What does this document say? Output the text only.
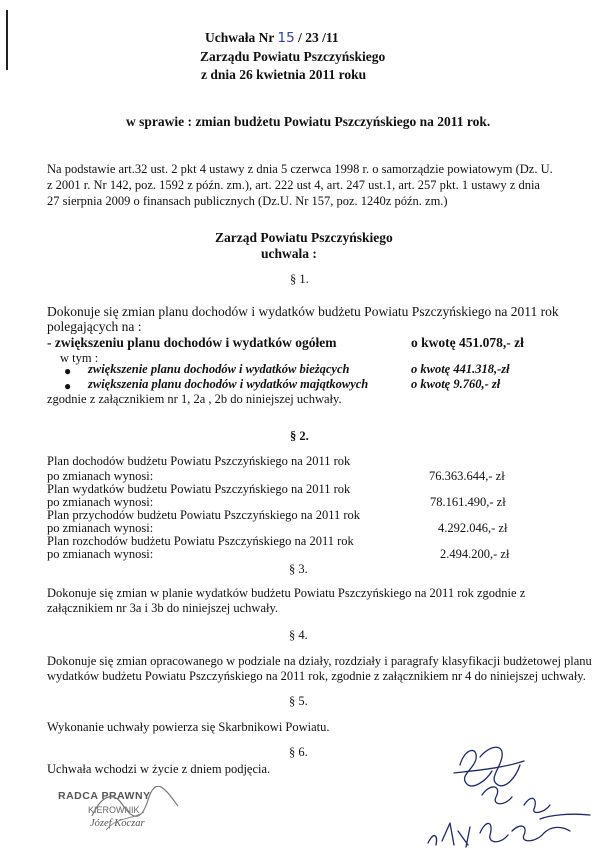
Uchwała Nr 15 / 23 /11
Zarządu Powiatu Pszczyńskiego
z dnia 26 kwietnia 2011 roku
w sprawie : zmian budżetu Powiatu Pszczyńskiego na 2011 rok.
Na podstawie art.32 ust. 2 pkt 4 ustawy z dnia 5 czerwca 1998 r. o samorządzie powiatowym (Dz. U.
z 2001 r. Nr 142, poz. 1592 z późn. zm.), art. 222 ust 4, art. 247 ust.1, art. 257 pkt. 1 ustawy z dnia
27 sierpnia 2009 o finansach publicznych (Dz.U. Nr 157, poz. 1240z późn. zm.)
Zarząd Powiatu Pszczyńskiego
uchwala :
§ 1.
Dokonuje się zmian planu dochodów i wydatków budżetu Powiatu Pszczyńskiego na 2011 rok
polegających na :
- zwiększeniu planu dochodów i wydatków ogółem	o kwotę 451.078,- zł
w tym :
● zwiększenie planu dochodów i wydatków bieżących	o kwotę 441.318,-zł
● zwiększenia planu dochodów i wydatków majątkowych	o kwotę 9.760,- zł
zgodnie z załącznikiem nr 1, 2a , 2b do niniejszej uchwały.
§ 2.
Plan dochodów budżetu Powiatu Pszczyńskiego na 2011 rok
po zmianach wynosi:	76.363.644,- zł
Plan wydatków budżetu Powiatu Pszczyńskiego na 2011 rok
po zmianach wynosi:	78.161.490,- zł
Plan przychodów budżetu Powiatu Pszczyńskiego na 2011 rok
po zmianach wynosi:	4.292.046,- zł
Plan rozchodów budżetu Powiatu Pszczyńskiego na 2011 rok
po zmianach wynosi:	2.494.200,- zł
§ 3.
Dokonuje się zmian w planie wydatków budżetu Powiatu Pszczyńskiego na 2011 rok zgodnie z
załącznikiem nr 3a i 3b do niniejszej uchwały.
§ 4.
Dokonuje się zmian opracowanego w podziale na działy, rozdziały i paragrafy klasyfikacji budżetowej planu
wydatków budżetu Powiatu Pszczyńskiego na 2011 rok, zgodnie z załącznikiem nr 4 do niniejszej uchwały.
§ 5.
Wykonanie uchwały powierza się Skarbnikowi Powiatu.
§ 6.
Uchwała wchodzi w życie z dniem podjęcia.
RADCA PRAWNY
KIEROWNIK
Józef Koczar
